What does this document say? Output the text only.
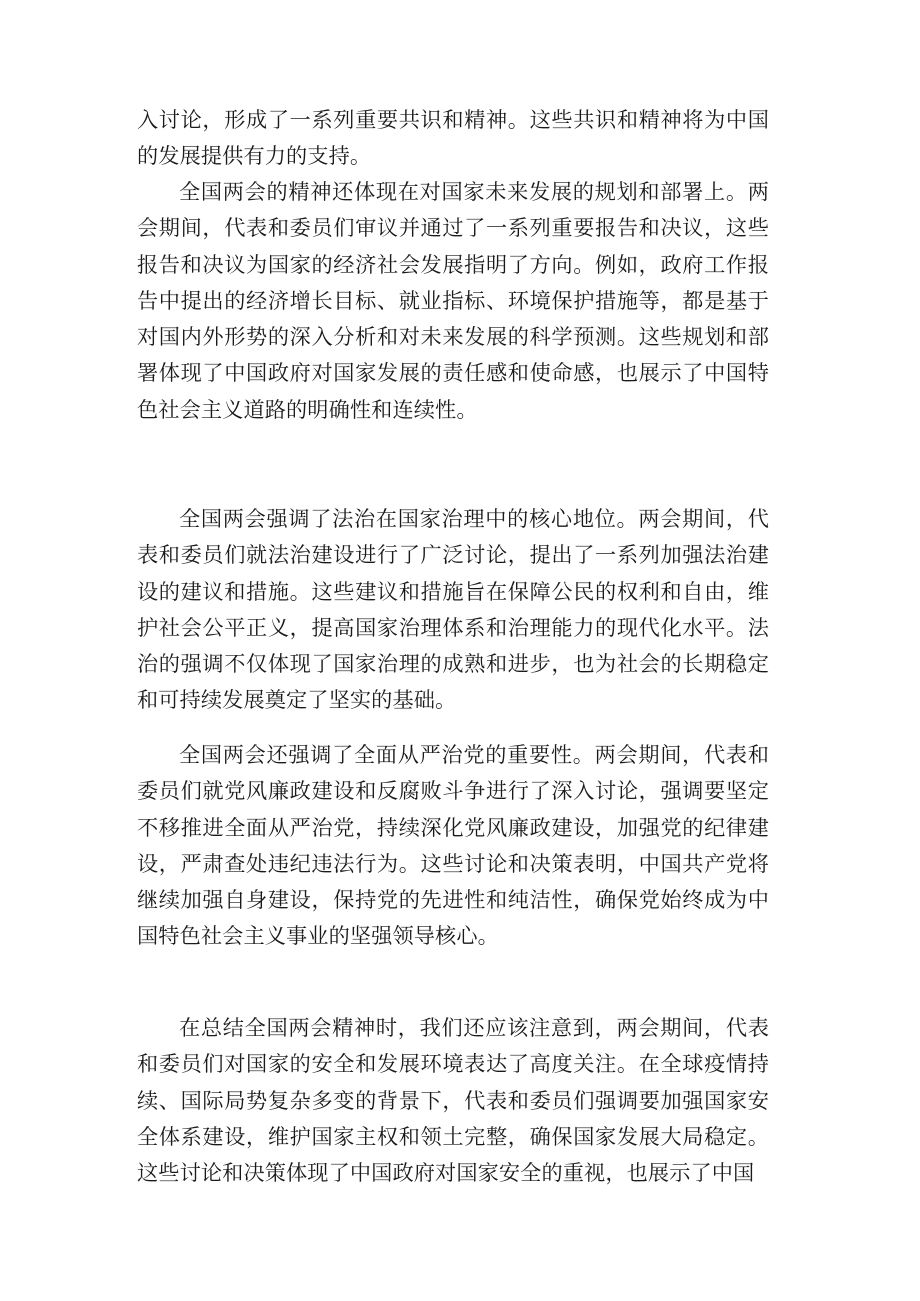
入讨论，形成了一系列重要共识和精神。这些共识和精神将为中国的发展提供有力的支持。

全国两会的精神还体现在对国家未来发展的规划和部署上。两会期间，代表和委员们审议并通过了一系列重要报告和决议，这些报告和决议为国家的经济社会发展指明了方向。例如，政府工作报告中提出的经济增长目标、就业指标、环境保护措施等，都是基于对国内外形势的深入分析和对未来发展的科学预测。这些规划和部署体现了中国政府对国家发展的责任感和使命感，也展示了中国特色社会主义道路的明确性和连续性。

全国两会强调了法治在国家治理中的核心地位。两会期间，代表和委员们就法治建设进行了广泛讨论，提出了一系列加强法治建设的建议和措施。这些建议和措施旨在保障公民的权利和自由，维护社会公平正义，提高国家治理体系和治理能力的现代化水平。法治的强调不仅体现了国家治理的成熟和进步，也为社会的长期稳定和可持续发展奠定了坚实的基础。

全国两会还强调了全面从严治党的重要性。两会期间，代表和委员们就党风廉政建设和反腐败斗争进行了深入讨论，强调要坚定不移推进全面从严治党，持续深化党风廉政建设，加强党的纪律建设，严肃查处违纪违法行为。这些讨论和决策表明，中国共产党将继续加强自身建设，保持党的先进性和纯洁性，确保党始终成为中国特色社会主义事业的坚强领导核心。

在总结全国两会精神时，我们还应该注意到，两会期间，代表和委员们对国家的安全和发展环境表达了高度关注。在全球疫情持续、国际局势复杂多变的背景下，代表和委员们强调要加强国家安全体系建设，维护国家主权和领土完整，确保国家发展大局稳定。这些讨论和决策体现了中国政府对国家安全的重视，也展示了中国
